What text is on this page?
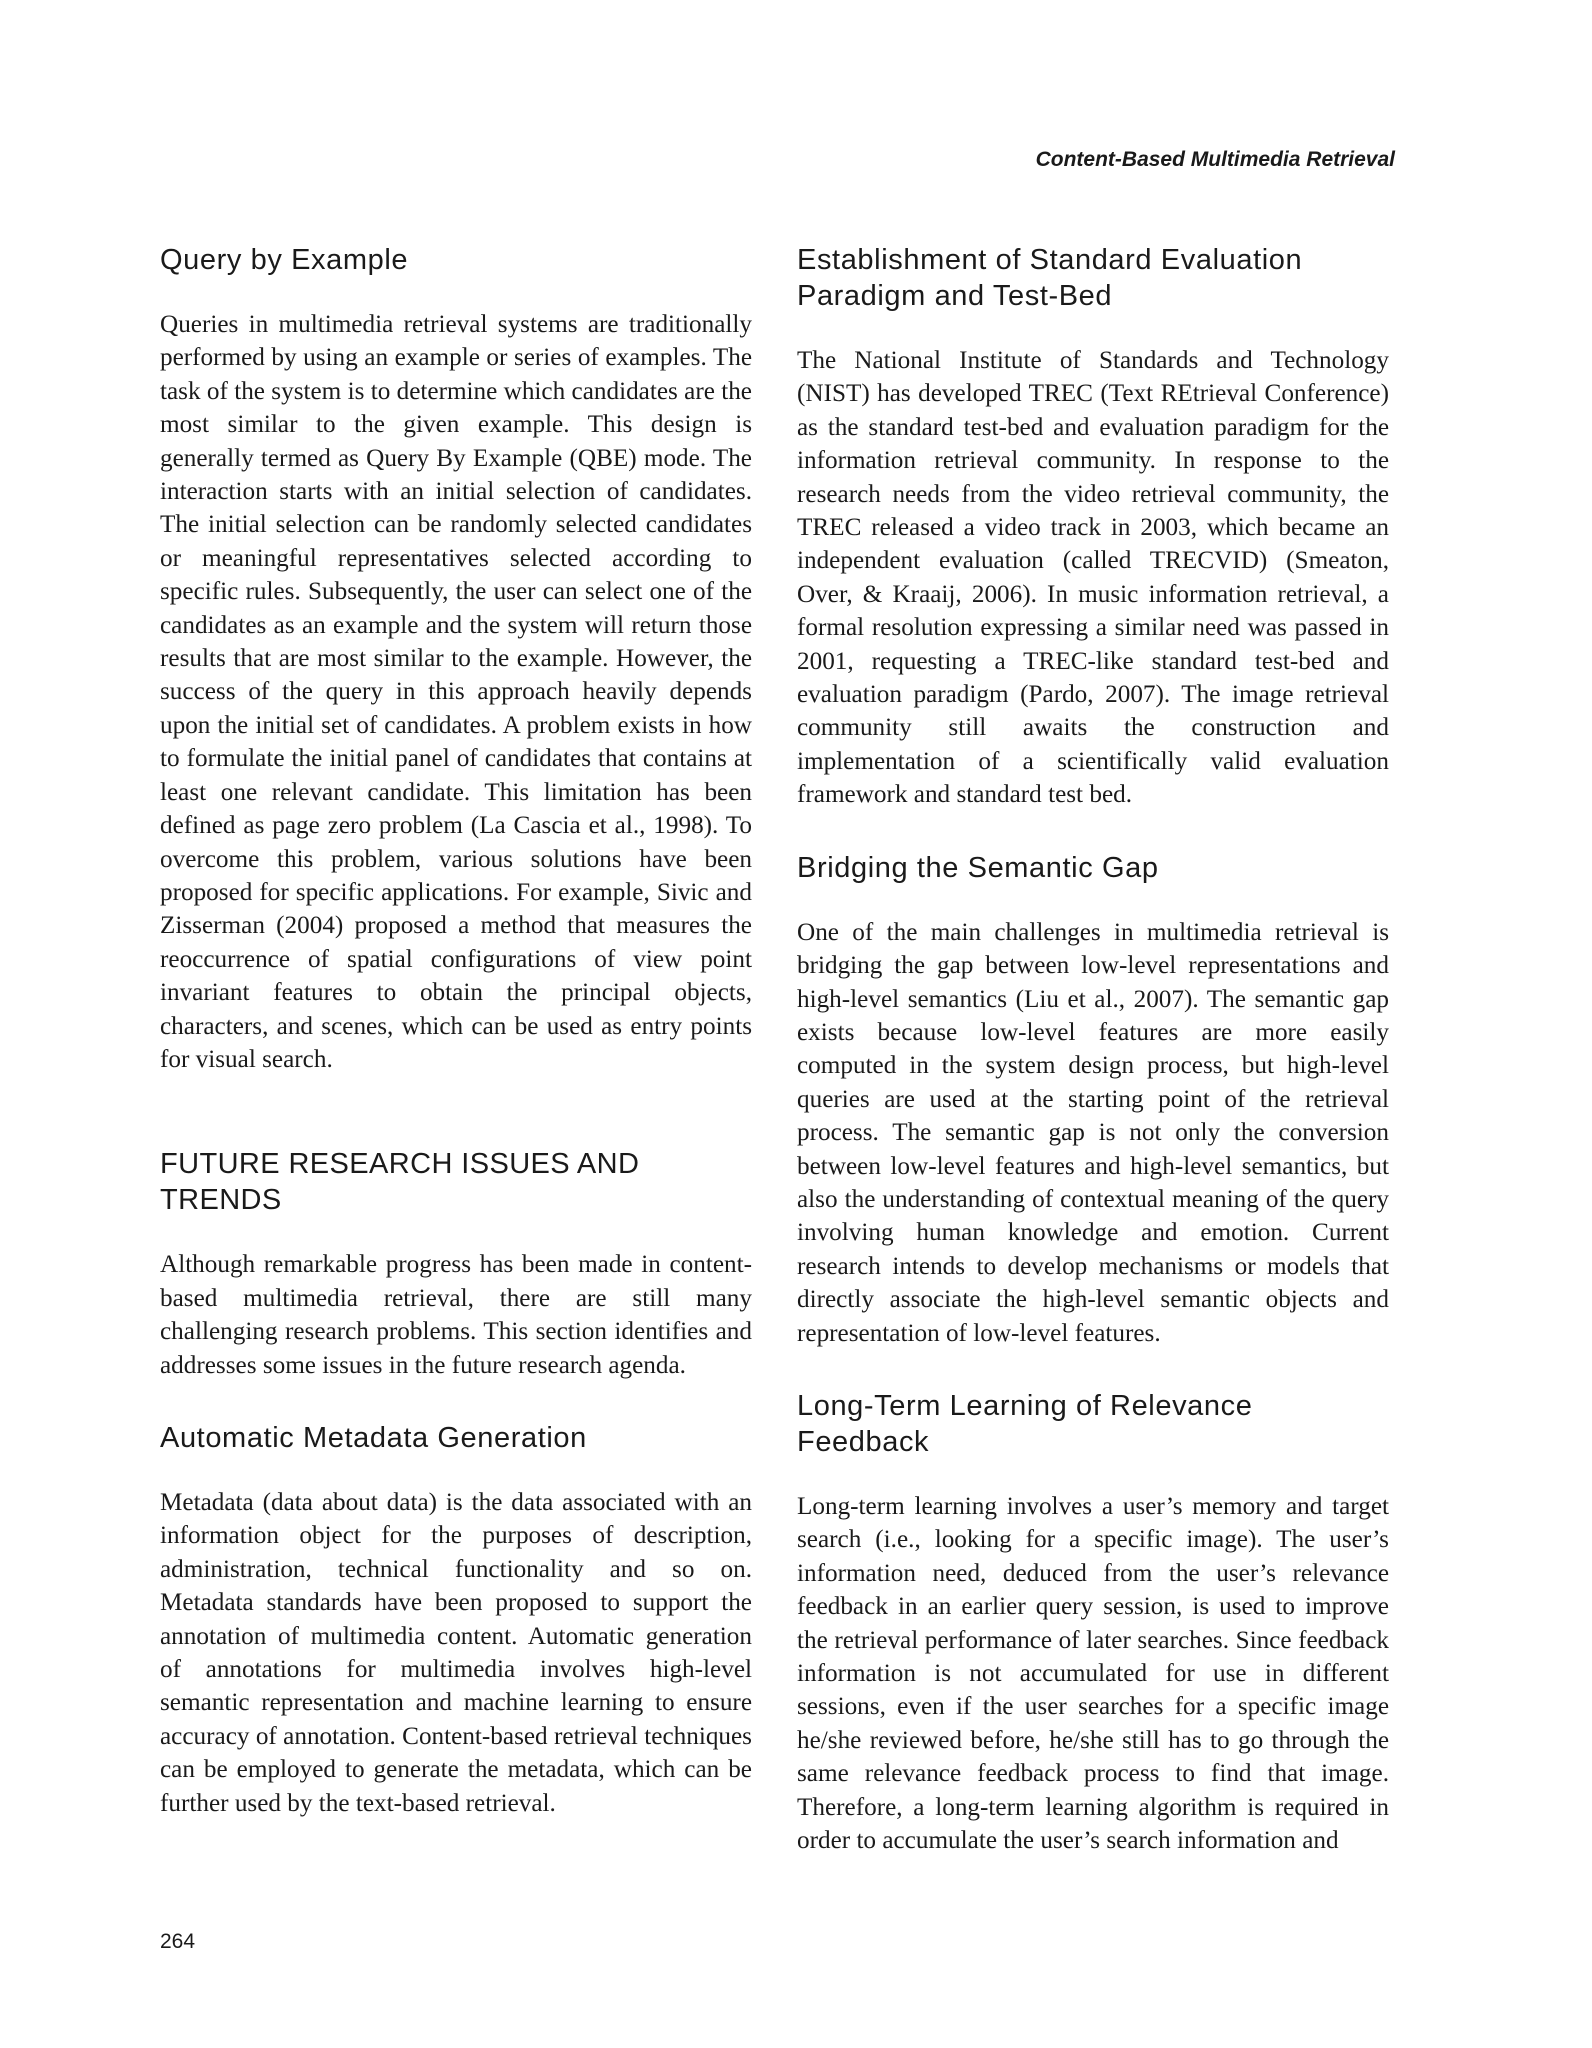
Content-Based Multimedia Retrieval
Query by Example

Queries in multimedia retrieval systems are traditionally performed by using an example or series of examples. The task of the system is to determine which candidates are the most similar to the given example. This design is generally termed as Query By Example (QBE) mode. The interaction starts with an initial selection of candidates. The initial selection can be randomly selected candidates or meaningful representatives selected according to specific rules. Subsequently, the user can select one of the candidates as an example and the system will return those results that are most similar to the example. However, the success of the query in this approach heavily depends upon the initial set of candidates. A problem exists in how to formulate the initial panel of candidates that contains at least one relevant candidate. This limitation has been defined as page zero problem (La Cascia et al., 1998). To overcome this problem, various solutions have been proposed for specific applications. For example, Sivic and Zisserman (2004) proposed a method that measures the reoccurrence of spatial configurations of view point invariant features to obtain the principal objects, characters, and scenes, which can be used as entry points for visual search.

FUTURE RESEARCH ISSUES AND TRENDS

Although remarkable progress has been made in content-based multimedia retrieval, there are still many challenging research problems. This section identifies and addresses some issues in the future research agenda.

Automatic Metadata Generation

Metadata (data about data) is the data associated with an information object for the purposes of description, administration, technical functionality and so on. Metadata standards have been proposed to support the annotation of multimedia content. Automatic generation of annotations for multimedia involves high-level semantic representation and machine learning to ensure accuracy of annotation. Content-based retrieval techniques can be employed to generate the metadata, which can be further used by the text-based retrieval.

Establishment of Standard Evaluation Paradigm and Test-Bed

The National Institute of Standards and Technology (NIST) has developed TREC (Text REtrieval Conference) as the standard test-bed and evaluation paradigm for the information retrieval community. In response to the research needs from the video retrieval community, the TREC released a video track in 2003, which became an independent evaluation (called TRECVID) (Smeaton, Over, & Kraaij, 2006). In music information retrieval, a formal resolution expressing a similar need was passed in 2001, requesting a TREC-like standard test-bed and evaluation paradigm (Pardo, 2007). The image retrieval community still awaits the construction and implementation of a scientifically valid evaluation framework and standard test bed.

Bridging the Semantic Gap

One of the main challenges in multimedia retrieval is bridging the gap between low-level representations and high-level semantics (Liu et al., 2007). The semantic gap exists because low-level features are more easily computed in the system design process, but high-level queries are used at the starting point of the retrieval process. The semantic gap is not only the conversion between low-level features and high-level semantics, but also the understanding of contextual meaning of the query involving human knowledge and emotion. Current research intends to develop mechanisms or models that directly associate the high-level semantic objects and representation of low-level features.

Long-Term Learning of Relevance Feedback

Long-term learning involves a user’s memory and target search (i.e., looking for a specific image). The user’s information need, deduced from the user’s relevance feedback in an earlier query session, is used to improve the retrieval performance of later searches. Since feedback information is not accumulated for use in different sessions, even if the user searches for a specific image he/she reviewed before, he/she still has to go through the same relevance feedback process to find that image. Therefore, a long-term learning algorithm is required in order to accumulate the user’s search information and

264
